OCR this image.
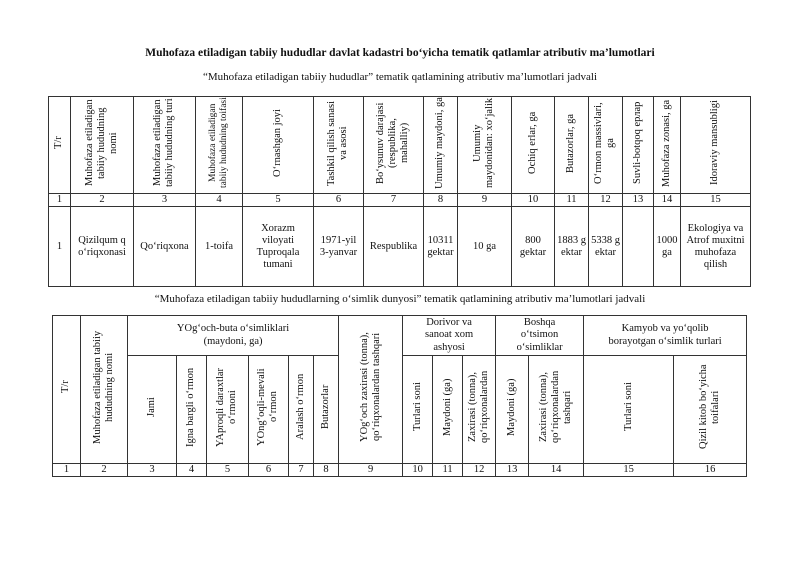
Muhofaza etiladigan tabiiy hududlar davlat kadastri bo‘yicha tematik qatlamlar atributiv ma’lumotlari
“Muhofaza etiladigan tabiiy hududlar” tematik qatlamining atributiv ma’lumotlari jadvali
T/r	Muhofaza etiladigan tabiiy hududning nomi	Muhofaza etiladigan tabiiy hududning turi	Muhofaza etiladigan tabiiy hududning toifasi	O‘rnashgan joyi	Tashkil qilish sanasi va asosi	Bo‘ysunuv darajasi (respublika, mahalliy)	Umumiy maydoni, ga	Umumiy maydonidan: xo‘jalik	Ochiq erlar, ga	Butazorlar, ga	O‘rmon massivlari, ga	Suvli-botqoq ерлар	Muhofaza zonasi, ga	Idoraviy mansubligi
1	2	3	4	5	6	7	8	9	10	11	12	13	14	15
1	Qizilqum qo‘riqxonasi	Qo‘riqxona	1-toifa	Xorazm viloyati Tuproqala tumani	1971-yil 3-yanvar	Respublika	10311 gektar	10 ga	800 gektar	1883 gektar	5338 gektar		1000 ga	Ekologiya va Atrof muxitni muhofaza qilish
“Muhofaza etiladigan tabiiy hududlarning o‘simlik dunyosi” tematik qatlamining atributiv ma’lumotlari jadvali
T/r	Muhofaza etiladigan tabiiy hududning nomi	YOg‘och-buta o‘simliklari (maydoni, ga)						YOg‘och zaxirasi (tonna), qo‘riqxonalardan tashqari	Dorivor va sanoat xom ashyosi			Boshqa o‘tsimon o‘simliklar		Kamyob va yo‘qolib borayotgan o‘simlik turlari	
		Jami	Igna bargli o‘rmon	YAproqli daraxtlar o‘rmoni	YOng‘oqli-mevali o‘rmon	Aralash o‘rmon	Butazorlar		Turlari soni	Maydoni (ga)	Zaxirasi (tonna), qo‘riqxonalardan	Maydoni (ga)	Zaxirasi (tonna), qo‘riqxonalardan tashqari	Turlari soni	Qizil kitob bo‘yicha toifalari
1	2	3	4	5	6	7	8	9	10	11	12	13	14	15	16
